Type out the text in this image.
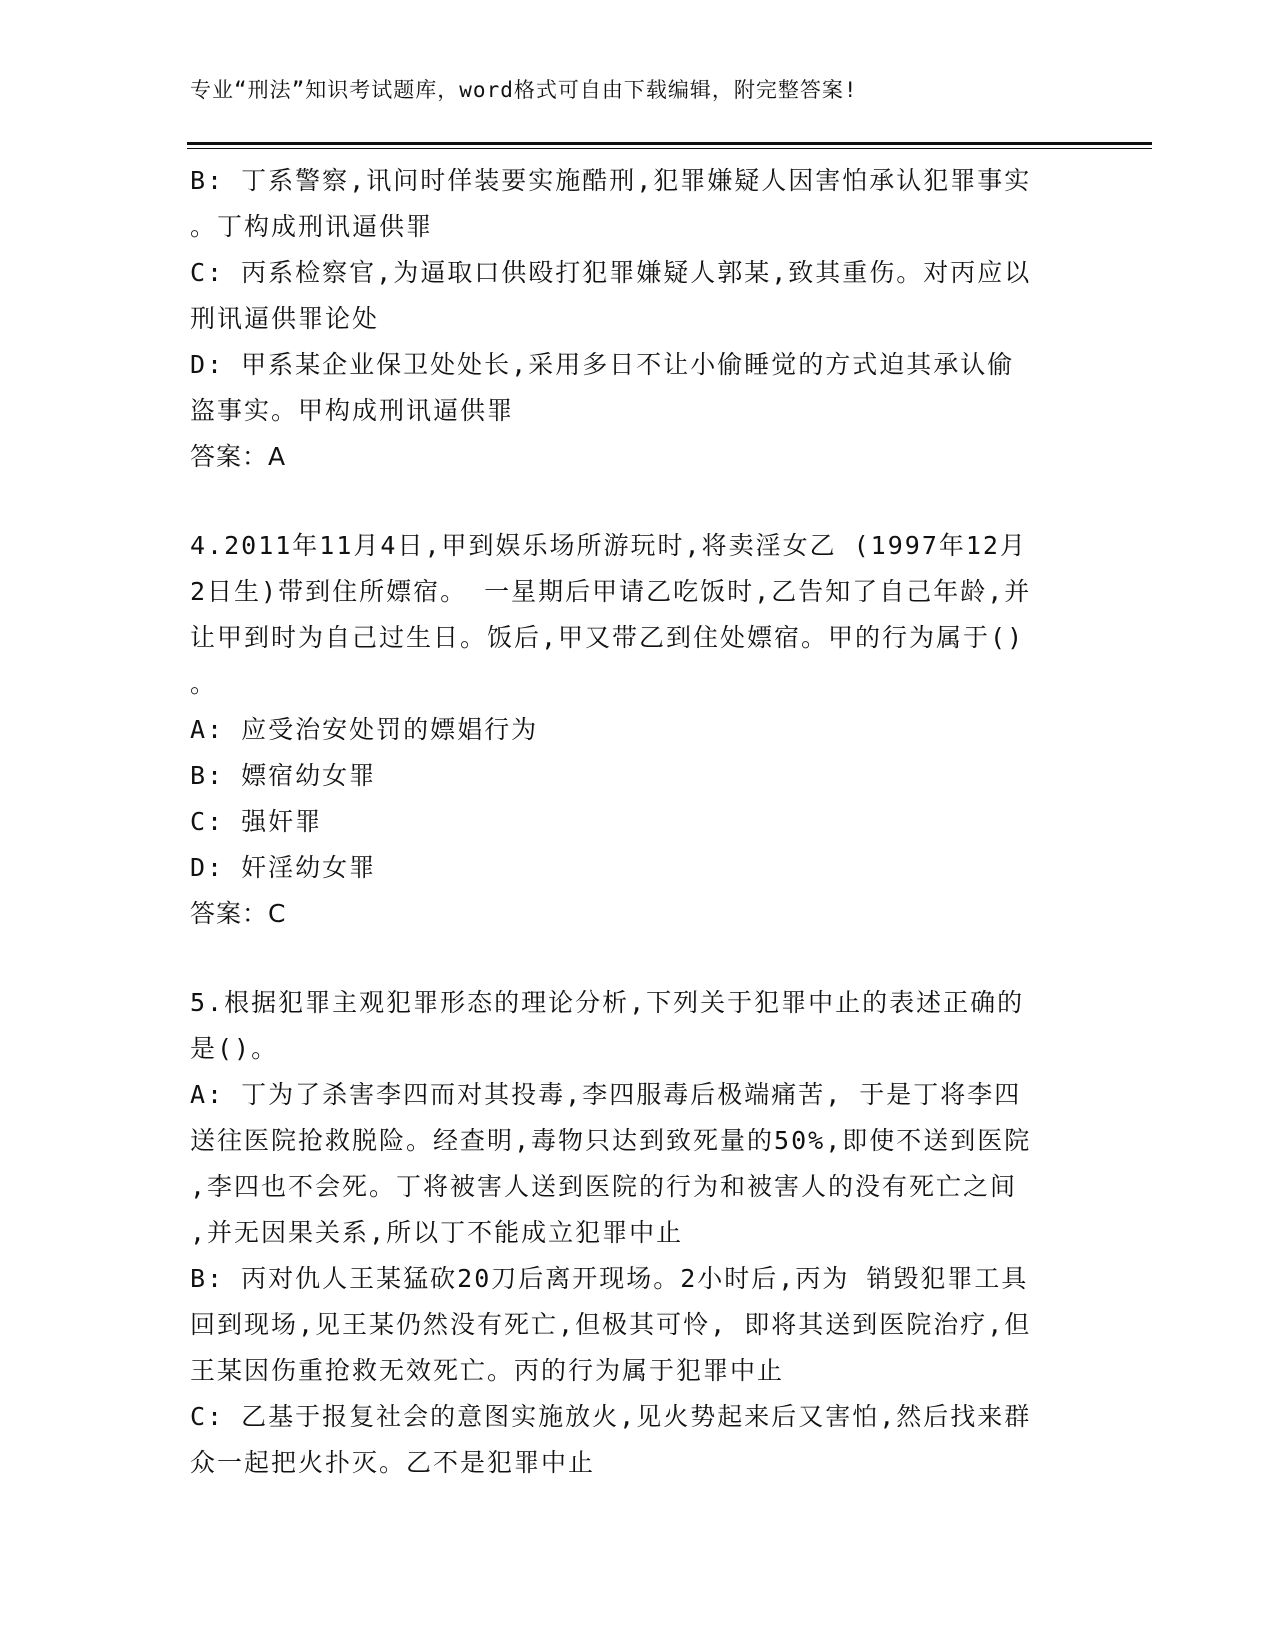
专业“刑法”知识考试题库，word格式可自由下载编辑，附完整答案!
B: 丁系警察,讯问时佯装要实施酷刑,犯罪嫌疑人因害怕承认犯罪事实
。丁构成刑讯逼供罪
C: 丙系检察官,为逼取口供殴打犯罪嫌疑人郭某,致其重伤。对丙应以
刑讯逼供罪论处
D: 甲系某企业保卫处处长,采用多日不让小偷睡觉的方式迫其承认偷
盗事实。甲构成刑讯逼供罪
答案：A
4.2011年11月4日,甲到娱乐场所游玩时,将卖淫女乙 (1997年12月
2日生)带到住所嫖宿。 一星期后甲请乙吃饭时,乙告知了自己年龄,并
让甲到时为自己过生日。饭后,甲又带乙到住处嫖宿。甲的行为属于()
。
A: 应受治安处罚的嫖娼行为
B: 嫖宿幼女罪
C: 强奸罪
D: 奸淫幼女罪
答案：C
5.根据犯罪主观犯罪形态的理论分析,下列关于犯罪中止的表述正确的
是()。
A: 丁为了杀害李四而对其投毒,李四服毒后极端痛苦, 于是丁将李四
送往医院抢救脱险。经查明,毒物只达到致死量的50%,即使不送到医院
,李四也不会死。丁将被害人送到医院的行为和被害人的没有死亡之间
,并无因果关系,所以丁不能成立犯罪中止
B: 丙对仇人王某猛砍20刀后离开现场。2小时后,丙为 销毁犯罪工具
回到现场,见王某仍然没有死亡,但极其可怜, 即将其送到医院治疗,但
王某因伤重抢救无效死亡。丙的行为属于犯罪中止
C: 乙基于报复社会的意图实施放火,见火势起来后又害怕,然后找来群
众一起把火扑灭。乙不是犯罪中止
